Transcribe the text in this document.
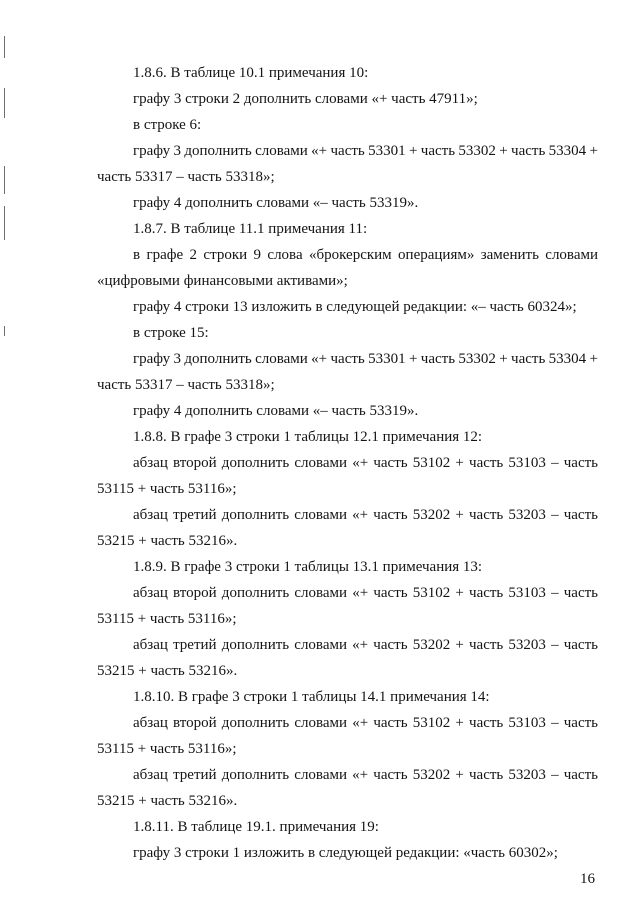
1.8.6. В таблице 10.1 примечания 10:
графу 3 строки 2 дополнить словами «+ часть 47911»;
в строке 6:
графу 3 дополнить словами «+ часть 53301 + часть 53302 + часть 53304 +
часть 53317 – часть 53318»;
графу 4 дополнить словами «– часть 53319».
1.8.7. В таблице 11.1 примечания 11:
в графе 2 строки 9 слова «брокерским операциям» заменить словами
«цифровыми финансовыми активами»;
графу 4 строки 13 изложить в следующей редакции: «– часть 60324»;
в строке 15:
графу 3 дополнить словами «+ часть 53301 + часть 53302 + часть 53304 +
часть 53317 – часть 53318»;
графу 4 дополнить словами «– часть 53319».
1.8.8. В графе 3 строки 1 таблицы 12.1 примечания 12:
абзац второй дополнить словами «+ часть 53102 + часть 53103 – часть
53115 + часть 53116»;
абзац третий дополнить словами «+ часть 53202 + часть 53203 – часть
53215 + часть 53216».
1.8.9. В графе 3 строки 1 таблицы 13.1 примечания 13:
абзац второй дополнить словами «+ часть 53102 + часть 53103 – часть
53115 + часть 53116»;
абзац третий дополнить словами «+ часть 53202 + часть 53203 – часть
53215 + часть 53216».
1.8.10. В графе 3 строки 1 таблицы 14.1 примечания 14:
абзац второй дополнить словами «+ часть 53102 + часть 53103 – часть
53115 + часть 53116»;
абзац третий дополнить словами «+ часть 53202 + часть 53203 – часть
53215 + часть 53216».
1.8.11. В таблице 19.1. примечания 19:
графу 3 строки 1 изложить в следующей редакции: «часть 60302»;
16
